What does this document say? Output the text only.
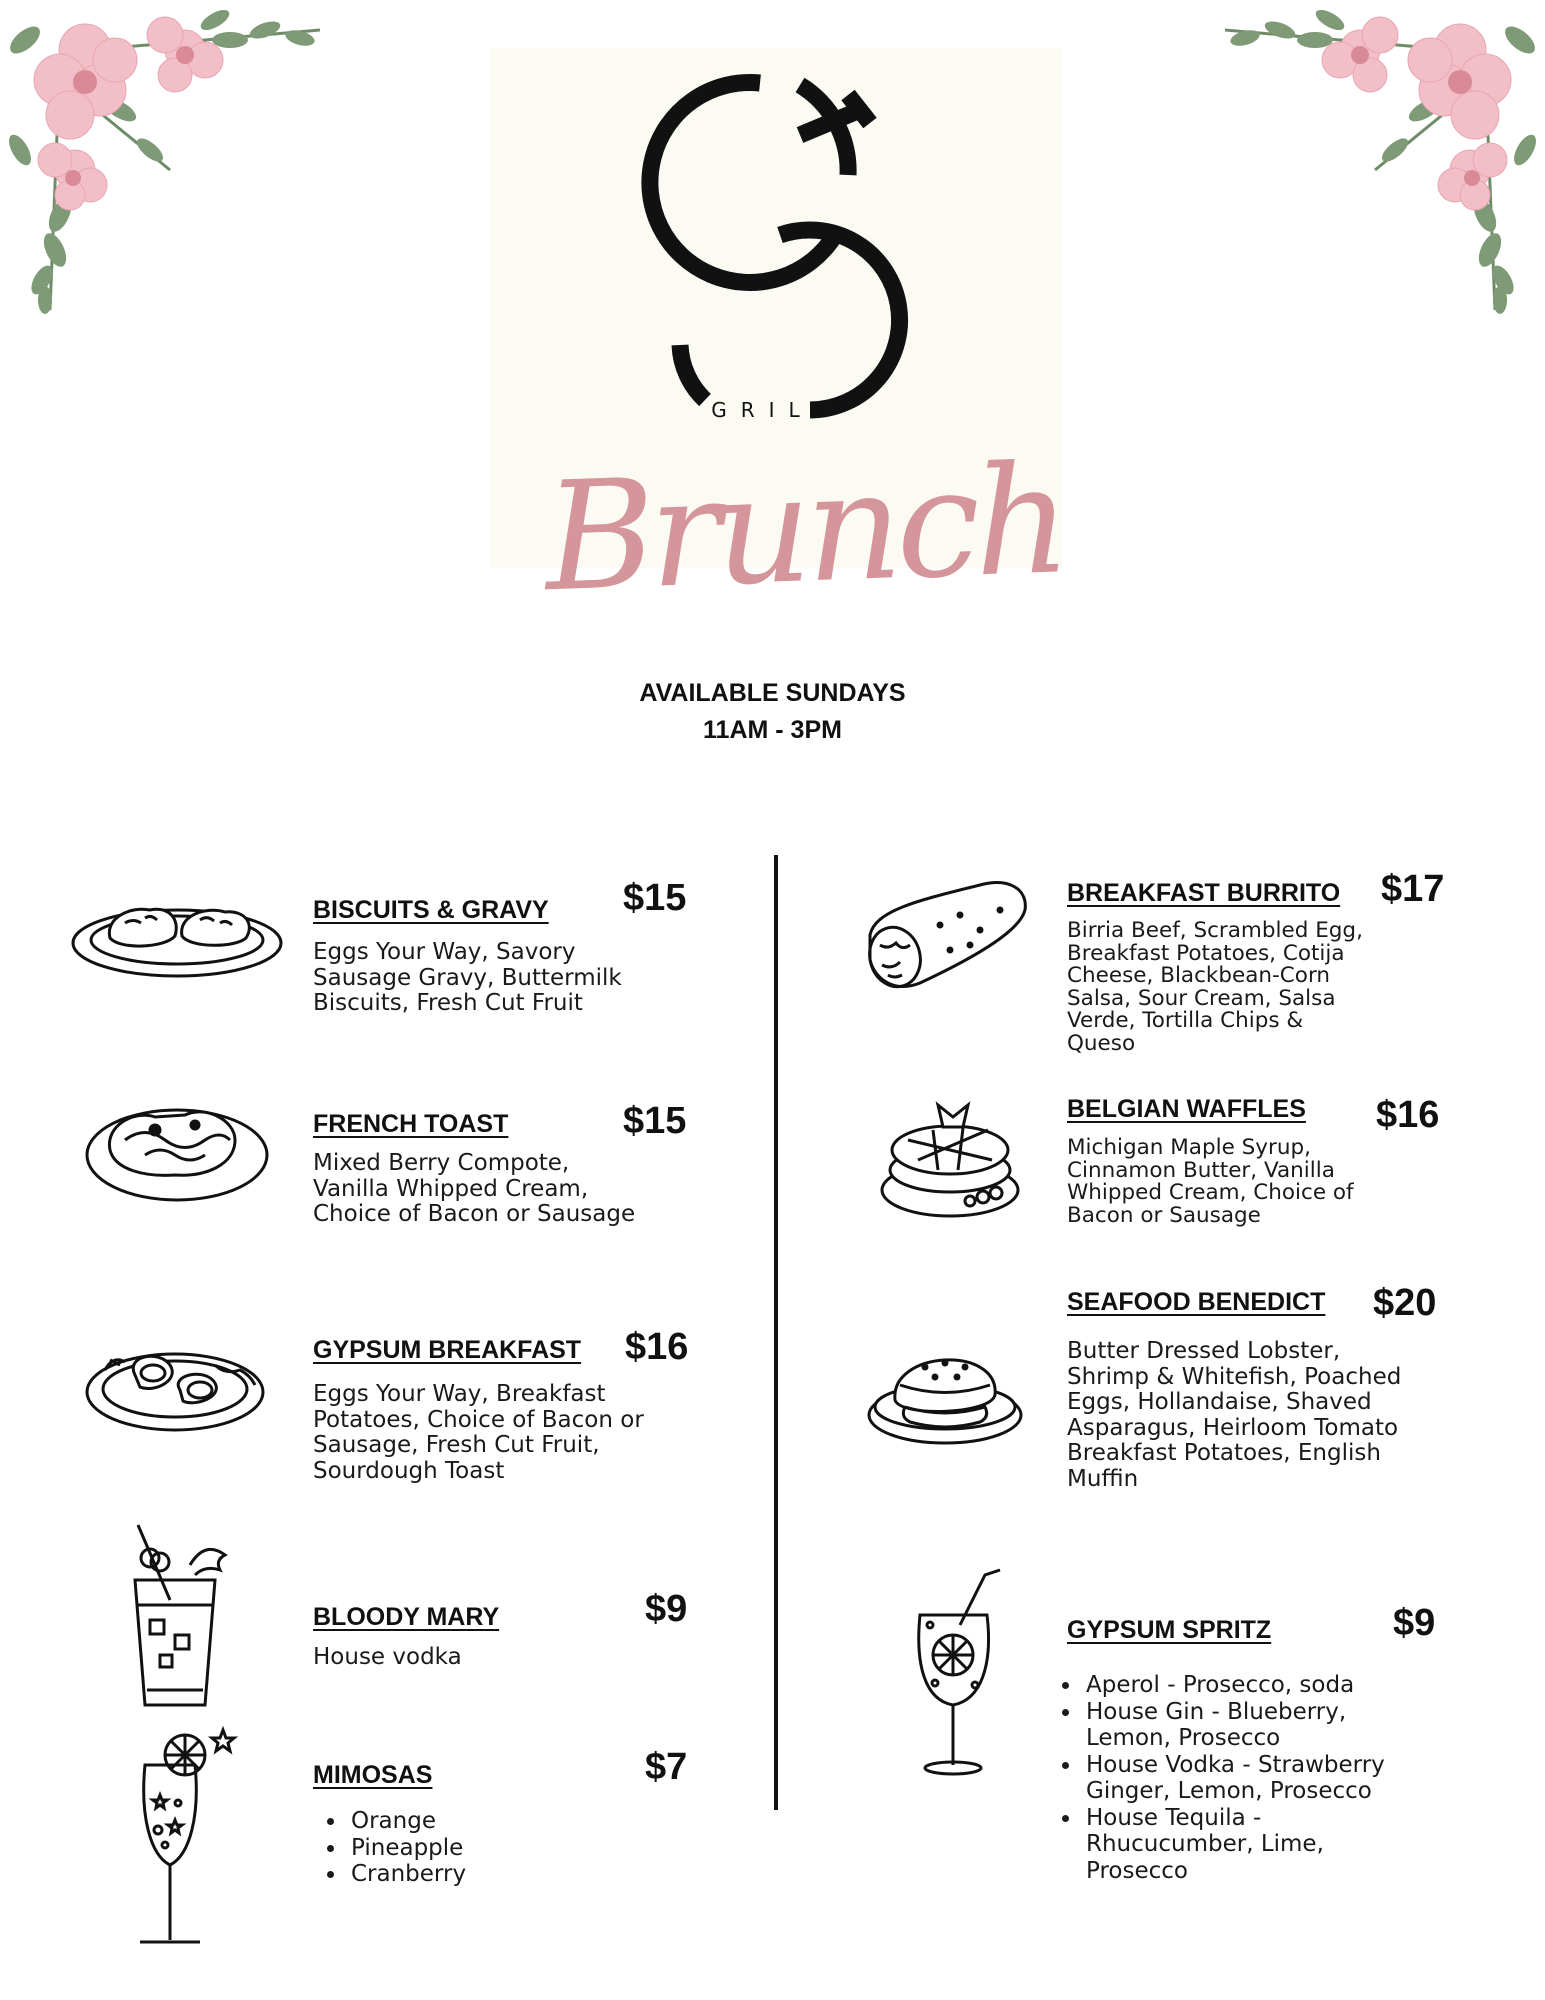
GRILL
Brunch
AVAILABLE SUNDAYS
11AM - 3PM
BISCUITS & GRAVY $15
Eggs Your Way, Savory Sausage Gravy, Buttermilk Biscuits, Fresh Cut Fruit
FRENCH TOAST	$15
Mixed Berry Compote, Vanilla Whipped Cream, Choice of Bacon or Sausage
GYPSUM BREAKFAST $16
Eggs Your Way, Breakfast Potatoes, Choice of Bacon or Sausage, Fresh Cut Fruit, Sourdough Toast
BLOODY MARY	$9
House vodka
MIMOSAS	$7
• Orange
• Pineapple
• Cranberry
BREAKFAST BURRITO $17
Birria Beef, Scrambled Egg, Breakfast Potatoes, Cotija Cheese, Blackbean-Corn Salsa, Sour Cream, Salsa Verde, Tortilla Chips & Queso
BELGIAN WAFFLES $16
Michigan Maple Syrup, Cinnamon Butter, Vanilla Whipped Cream, Choice of Bacon or Sausage
SEAFOOD BENEDICT $20
Butter Dressed Lobster, Shrimp & Whitefish, Poached Eggs, Hollandaise, Shaved Asparagus, Heirloom Tomato Breakfast Potatoes, English Muffin
GYPSUM SPRITZ	$9
• Aperol - Prosecco, soda
• House Gin - Blueberry, Lemon, Prosecco
• House Vodka - Strawberry Ginger, Lemon, Prosecco
• House Tequila - Rhucucumber, Lime, Prosecco
